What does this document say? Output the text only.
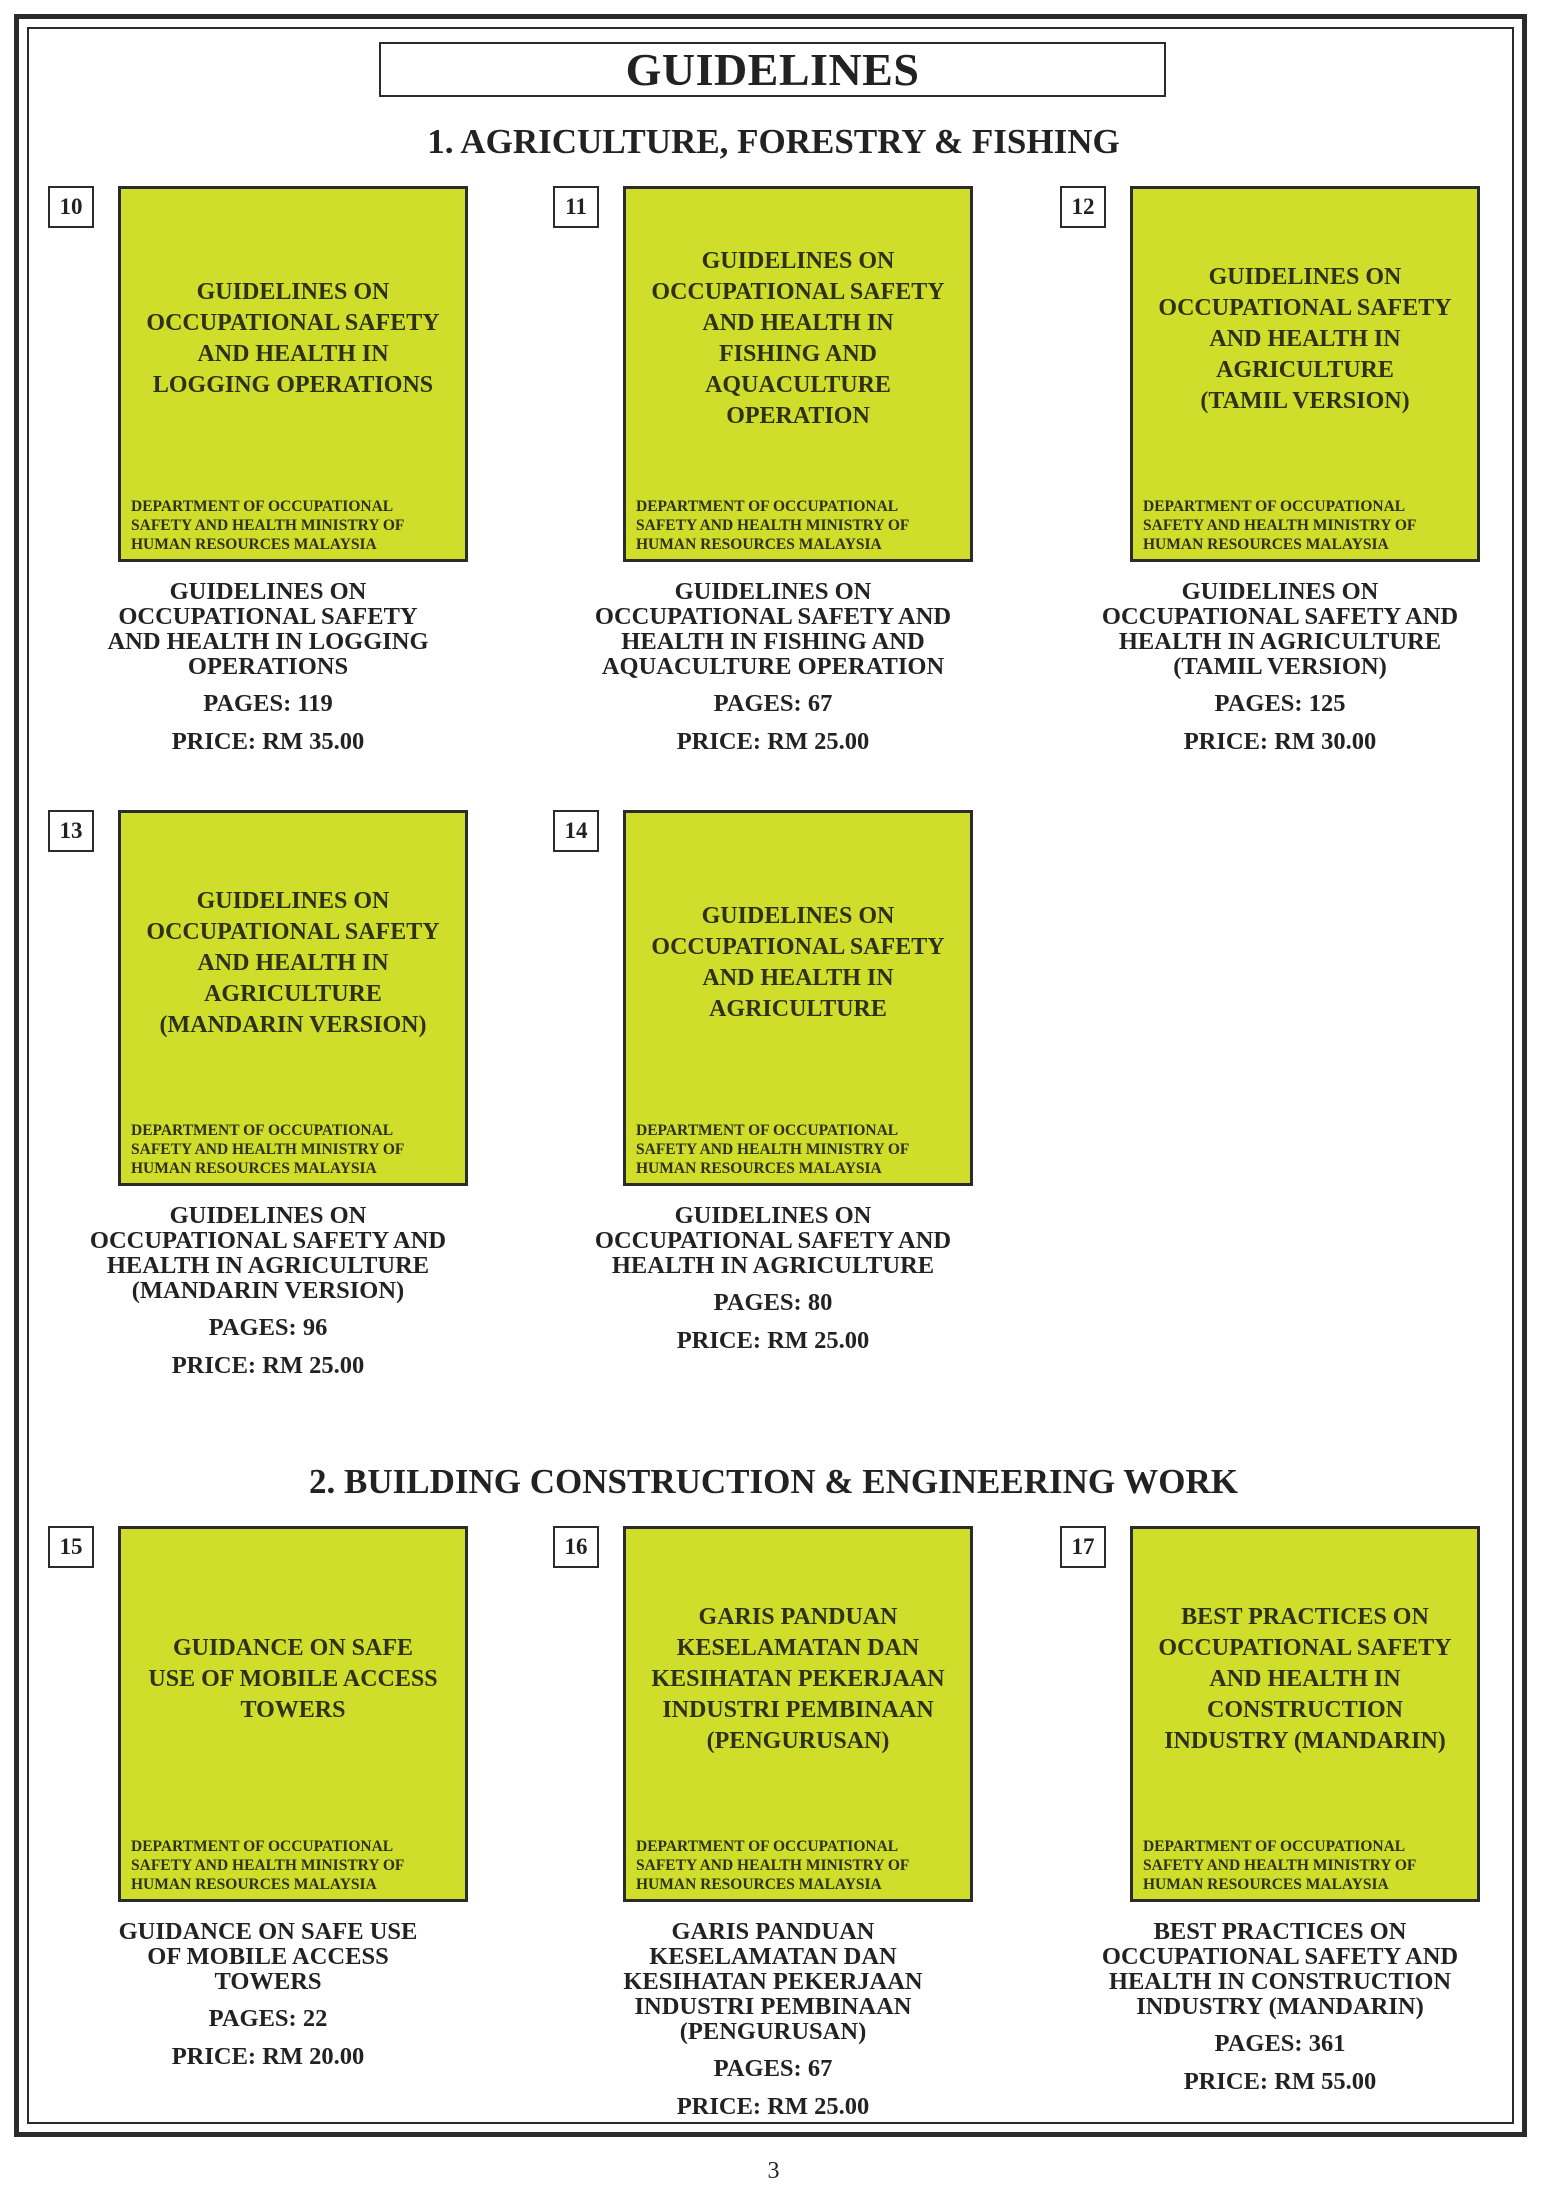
GUIDELINES
1. AGRICULTURE, FORESTRY & FISHING
2. BUILDING CONSTRUCTION & ENGINEERING WORK
10
GUIDELINES ON
OCCUPATIONAL SAFETY
AND HEALTH IN
LOGGING OPERATIONS
DEPARTMENT OF OCCUPATIONAL
SAFETY AND HEALTH MINISTRY OF
HUMAN RESOURCES MALAYSIA
GUIDELINES ON
OCCUPATIONAL SAFETY
AND HEALTH IN LOGGING
OPERATIONS
PAGES: 119
PRICE: RM 35.00
11
GUIDELINES ON
OCCUPATIONAL SAFETY
AND HEALTH IN
FISHING AND
AQUACULTURE
OPERATION
DEPARTMENT OF OCCUPATIONAL
SAFETY AND HEALTH MINISTRY OF
HUMAN RESOURCES MALAYSIA
GUIDELINES ON
OCCUPATIONAL SAFETY AND
HEALTH IN FISHING AND
AQUACULTURE OPERATION
PAGES: 67
PRICE: RM 25.00
12
GUIDELINES ON
OCCUPATIONAL SAFETY
AND HEALTH IN
AGRICULTURE
(TAMIL VERSION)
DEPARTMENT OF OCCUPATIONAL
SAFETY AND HEALTH MINISTRY OF
HUMAN RESOURCES MALAYSIA
GUIDELINES ON
OCCUPATIONAL SAFETY AND
HEALTH IN AGRICULTURE
(TAMIL VERSION)
PAGES: 125
PRICE: RM 30.00
13
GUIDELINES ON
OCCUPATIONAL SAFETY
AND HEALTH IN
AGRICULTURE
(MANDARIN VERSION)
DEPARTMENT OF OCCUPATIONAL
SAFETY AND HEALTH MINISTRY OF
HUMAN RESOURCES MALAYSIA
GUIDELINES ON
OCCUPATIONAL SAFETY AND
HEALTH IN AGRICULTURE
(MANDARIN VERSION)
PAGES: 96
PRICE: RM 25.00
14
GUIDELINES ON
OCCUPATIONAL SAFETY
AND HEALTH IN
AGRICULTURE
DEPARTMENT OF OCCUPATIONAL
SAFETY AND HEALTH MINISTRY OF
HUMAN RESOURCES MALAYSIA
GUIDELINES ON
OCCUPATIONAL SAFETY AND
HEALTH IN AGRICULTURE
PAGES: 80
PRICE: RM 25.00
15
GUIDANCE ON SAFE
USE OF MOBILE ACCESS
TOWERS
DEPARTMENT OF OCCUPATIONAL
SAFETY AND HEALTH MINISTRY OF
HUMAN RESOURCES MALAYSIA
GUIDANCE ON SAFE USE
OF MOBILE ACCESS
TOWERS
PAGES: 22
PRICE: RM 20.00
16
GARIS PANDUAN
KESELAMATAN DAN
KESIHATAN PEKERJAAN
INDUSTRI PEMBINAAN
(PENGURUSAN)
DEPARTMENT OF OCCUPATIONAL
SAFETY AND HEALTH MINISTRY OF
HUMAN RESOURCES MALAYSIA
GARIS PANDUAN
KESELAMATAN DAN
KESIHATAN PEKERJAAN
INDUSTRI PEMBINAAN
(PENGURUSAN)
PAGES: 67
PRICE: RM 25.00
17
BEST PRACTICES ON
OCCUPATIONAL SAFETY
AND HEALTH IN
CONSTRUCTION
INDUSTRY (MANDARIN)
DEPARTMENT OF OCCUPATIONAL
SAFETY AND HEALTH MINISTRY OF
HUMAN RESOURCES MALAYSIA
BEST PRACTICES ON
OCCUPATIONAL SAFETY AND
HEALTH IN CONSTRUCTION
INDUSTRY (MANDARIN)
PAGES: 361
PRICE: RM 55.00
3
